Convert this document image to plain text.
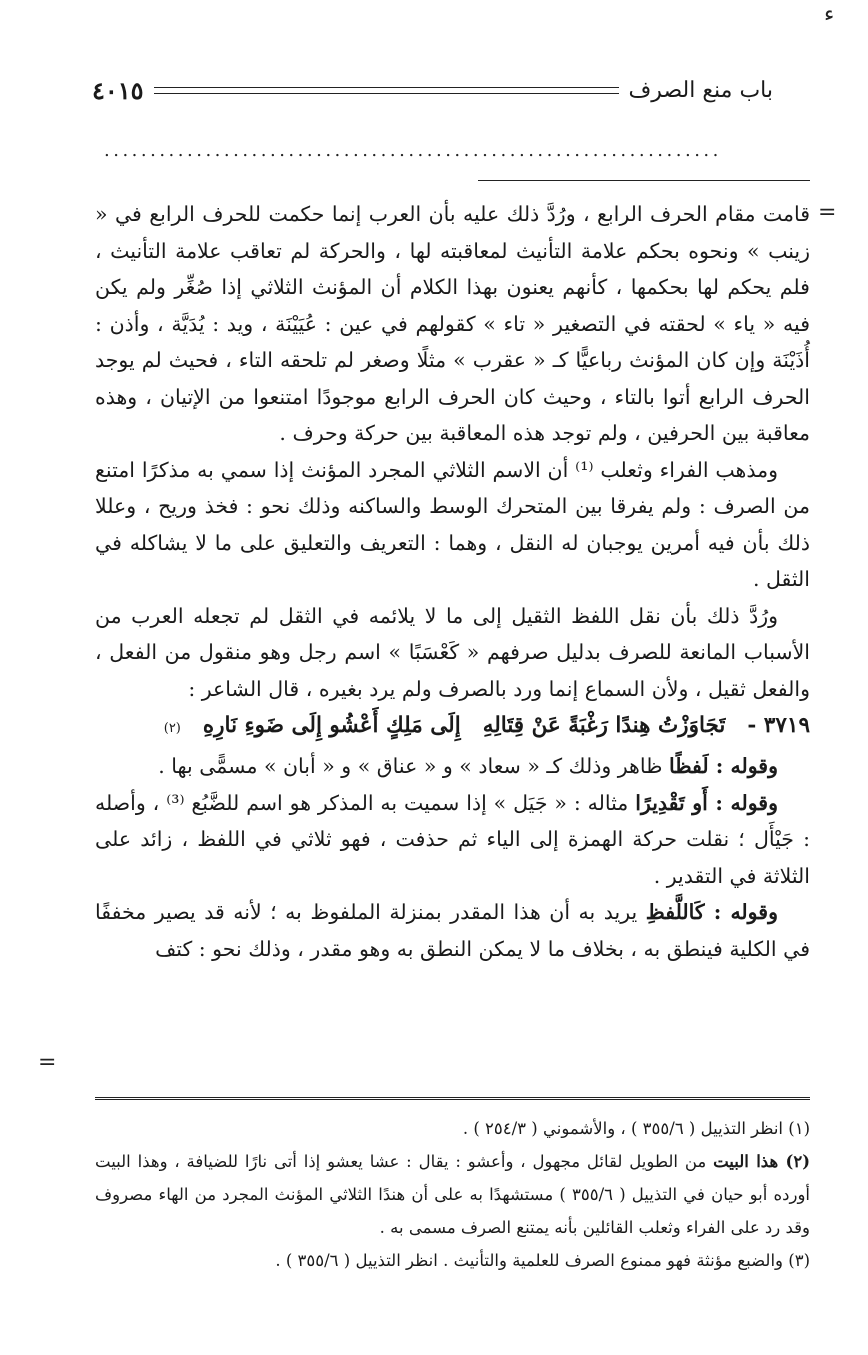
ء
باب منع الصرف
٤٠١٥
...................................................................
=
=

قامت مقام الحرف الرابع ، ورُدَّ ذلك عليه بأن العرب إنما حكمت للحرف الرابع في « زينب » ونحوه بحكم علامة التأنيث لمعاقبته لها ، والحركة لم تعاقب علامة التأنيث ، فلم يحكم لها بحكمها ، كأنهم يعنون بهذا الكلام أن المؤنث الثلاثي إذا صُغِّر ولم يكن فيه « ياء » لحقته في التصغير « تاء » كقولهم في عين : عُيَيْنَة ، ويد : يُدَيَّة ، وأذن : أُذَيْنَة وإن كان المؤنث رباعيًّا كـ « عقرب » مثلًا وصغر لم تلحقه التاء ، فحيث لم يوجد الحرف الرابع أتوا بالتاء ، وحيث كان الحرف الرابع موجودًا امتنعوا من الإتيان ، وهذه معاقبة بين الحرفين ، ولم توجد هذه المعاقبة بين حركة وحرف .

ومذهب الفراء وثعلب ⁽¹⁾ أن الاسم الثلاثي المجرد المؤنث إذا سمي به مذكرًا امتنع من الصرف : ولم يفرقا بين المتحرك الوسط والساكنه وذلك نحو : فخذ وريح ، وعللا ذلك بأن فيه أمرين يوجبان له النقل ، وهما : التعريف والتعليق على ما لا يشاكله في الثقل .

ورُدَّ ذلك بأن نقل اللفظ الثقيل إلى ما لا يلائمه في الثقل لم تجعله العرب من الأسباب المانعة للصرف بدليل صرفهم « كَعْسَبًا » اسم رجل وهو منقول من الفعل ، والفعل ثقيل ، ولأن السماع إنما ورد بالصرف ولم يرد بغيره ، قال الشاعر :

٣٧١٩ -
تَجَاوَزْتُ هِندًا رَغْبَةً عَنْ قِتَالِهِ
إِلَى مَلِكٍ أَعْشُو إِلَى ضَوءِ نَارِهِ
(٢)

وقوله : لَفظًا ظاهر وذلك كـ « سعاد » و « عناق » و « أبان » مسمًّى بها .

وقوله : أَو تَقْدِيرًا مثاله : « جَيَل » إذا سميت به المذكر هو اسم للضَّبُع ⁽³⁾ ، وأصله : جَيْأَل ؛ نقلت حركة الهمزة إلى الياء ثم حذفت ، فهو ثلاثي في اللفظ ، زائد على الثلاثة في التقدير .

وقوله : كَاللَّفظِ يريد به أن هذا المقدر بمنزلة الملفوظ به ؛ لأنه قد يصير مخففًا في الكلية فينطق به ، بخلاف ما لا يمكن النطق به وهو مقدر ، وذلك نحو : كتف

(١) انظر التذييل ( ٣٥٥/٦ ) ، والأشموني ( ٢٥٤/٣ ) .

(٢) هذا البيت من الطويل لقائل مجهول ، وأعشو : يقال : عشا يعشو إذا أتى نارًا للضيافة ، وهذا البيت أورده أبو حيان في التذييل ( ٣٥٥/٦ ) مستشهدًا به على أن هندًا الثلاثي المؤنث المجرد من الهاء مصروف وقد رد على الفراء وثعلب القائلين بأنه يمتنع الصرف مسمى به .

(٣) والضبع مؤنثة فهو ممنوع الصرف للعلمية والتأنيث . انظر التذييل ( ٣٥٥/٦ ) .
